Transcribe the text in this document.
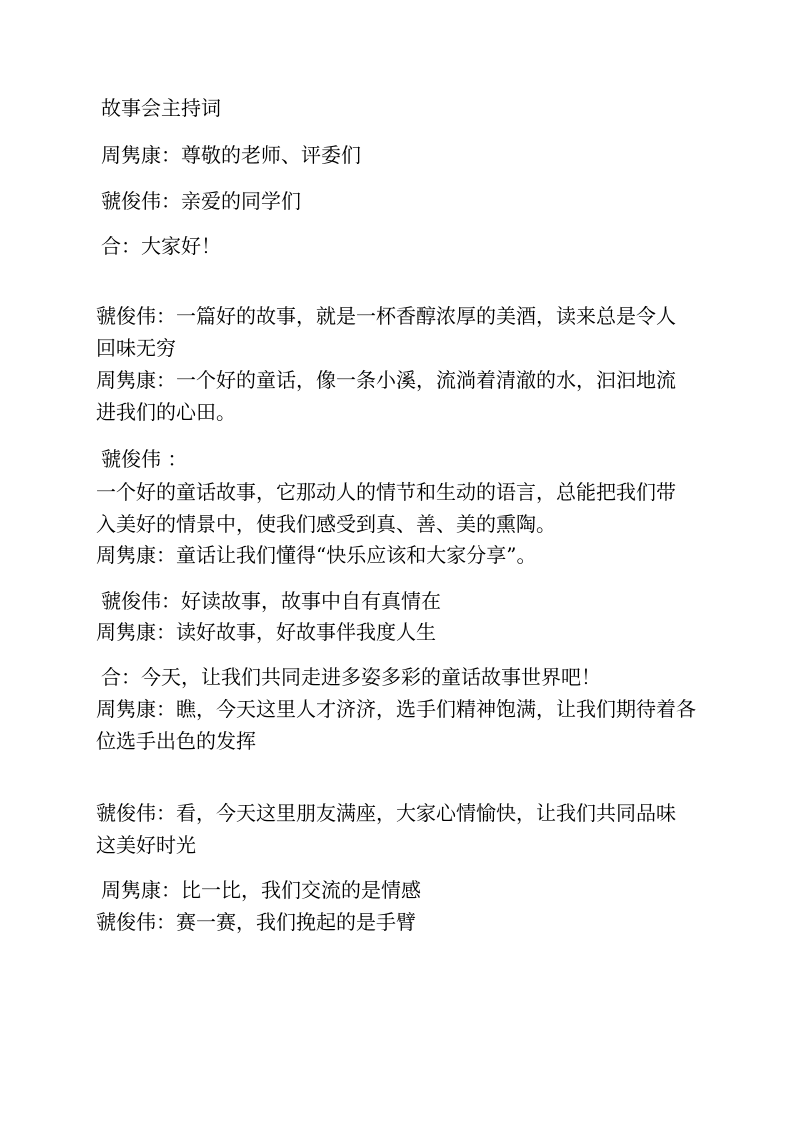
故事会主持词
周隽康：尊敬的老师、评委们
虢俊伟：亲爱的同学们
合：大家好！
虢俊伟：一篇好的故事，就是一杯香醇浓厚的美酒，读来总是令人
回味无穷
周隽康：一个好的童话，像一条小溪，流淌着清澈的水，汩汩地流
进我们的心田。
虢俊伟 ：
一个好的童话故事，它那动人的情节和生动的语言，总能把我们带
入美好的情景中，使我们感受到真、善、美的熏陶。
周隽康：童话让我们懂得“快乐应该和大家分享”。
虢俊伟：好读故事，故事中自有真情在
周隽康：读好故事，好故事伴我度人生
合：今天，让我们共同走进多姿多彩的童话故事世界吧！
周隽康：瞧，今天这里人才济济，选手们精神饱满，让我们期待着各
位选手出色的发挥
虢俊伟：看，今天这里朋友满座，大家心情愉快，让我们共同品味
这美好时光
周隽康：比一比，我们交流的是情感
虢俊伟：赛一赛，我们挽起的是手臂
